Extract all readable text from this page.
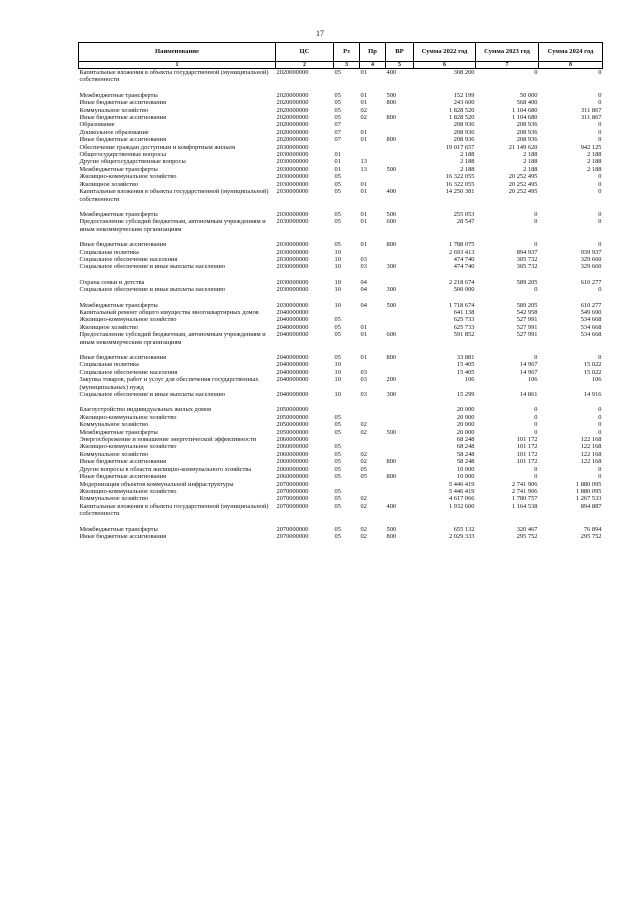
17
Наименование	ЦС	Рз	Пр	ВР	Сумма 2022 год	Сумма 2023 год	Сумма 2024 год
1	2	3	4	5	6	7	8
Капитальные вложения в объекты государственной (муниципальной) собственности	2020000000	05	01	400	308 200	0	0

Межбюджетные трансферты	2020000000	05	01	500	152 199	50 000	0
Иные бюджетные ассигнования	2020000000	05	01	800	243 600	568 400	0
Коммунальное хозяйство	2020000000	05	02		1 828 520	1 104 680	311 867
Иные бюджетные ассигнования	2020000000	05	02	800	1 828 520	1 104 680	311 867
Образование	2020000000	07			208 936	208 936	0
Дошкольное образование	2020000000	07	01		208 936	208 936	0
Иные бюджетные ассигнования	2020000000	07	01	800	208 936	208 936	0
Обеспечение граждан доступным и комфортным жильем	2030000000				19 017 657	21 149 620	942 125
Общегосударственные вопросы	2030000000	01			2 188	2 188	2 188
Другие общегосударственные вопросы	2030000000	01	13		2 188	2 188	2 188
Межбюджетные трансферты	2030000000	01	13	500	2 188	2 188	2 188
Жилищно-коммунальное хозяйство	2030000000	05			16 322 055	20 252 495	0
Жилищное хозяйство	2030000000	05	01		16 322 055	20 252 495	0
Капитальные вложения в объекты государственной (муниципальной) собственности	2030000000	05	01	400	14 250 381	20 252 495	0

Межбюджетные трансферты	2030000000	05	01	500	255 053	0	0
Предоставление субсидий бюджетным, автономным учреждениям и иным некоммерческим организациям	2030000000	05	01	600	28 547	0	0

Иные бюджетные ассигнования	2030000000	05	01	800	1 788 075	0	0
Социальная политика	2030000000	10			2 693 413	894 937	939 937
Социальное обеспечение населения	2030000000	10	03		474 740	305 732	329 660
Социальное обеспечение и иные выплаты населению	2030000000	10	03	300	474 740	305 732	329 660

Охрана семьи и детства	2030000000	10	04		2 218 674	589 205	610 277
Социальное обеспечение и иные выплаты населению	2030000000	10	04	300	500 000	0	0

Межбюджетные трансферты	2030000000	10	04	500	1 718 674	589 205	610 277
Капитальный ремонт общего имущества многоквартирных домов	2040000000				641 138	542 958	549 690
Жилищно-коммунальное хозяйство	2040000000	05			625 733	527 991	534 668
Жилищное хозяйство	2040000000	05	01		625 733	527 991	534 668
Предоставление субсидий бюджетным, автономным учреждениям и иным некоммерческим организациям	2040000000	05	01	600	591 852	527 991	534 668

Иные бюджетные ассигнования	2040000000	05	01	800	33 881	0	0
Социальная политика	2040000000	10			15 405	14 967	15 022
Социальное обеспечение населения	2040000000	10	03		15 405	14 967	15 022
Закупка товаров, работ и услуг для обеспечения государственных (муниципальных) нужд	2040000000	10	03	200	106	106	106
Социальное обеспечение и иные выплаты населению	2040000000	10	03	300	15 299	14 861	14 916

Благоустройство индивидуальных жилых домов	2050000000				20 000	0	0
Жилищно-коммунальное хозяйство	2050000000	05			20 000	0	0
Коммунальное хозяйство	2050000000	05	02		20 000	0	0
Межбюджетные трансферты	2050000000	05	02	500	20 000	0	0
Энергосбережение и повышение энергетической эффективности	2060000000				68 248	101 172	122 168
Жилищно-коммунальное хозяйство	2060000000	05			68 248	101 172	122 168
Коммунальное хозяйство	2060000000	05	02		58 248	101 172	122 168
Иные бюджетные ассигнования	2060000000	05	02	800	58 248	101 172	122 168
Другие вопросы в области жилищно-коммунального хозяйства	2060000000	05	05		10 000	0	0
Иные бюджетные ассигнования	2060000000	05	05	800	10 000	0	0
Модернизация объектов коммунальной инфраструктуры	2070000000				5 446 419	2 741 906	1 880 095
Жилищно-коммунальное хозяйство	2070000000	05			5 446 419	2 741 906	1 880 095
Коммунальное хозяйство	2070000000	05	02		4 617 066	1 780 757	1 267 533
Капитальные вложения в объекты государственной (муниципальной) собственности	2070000000	05	02	400	1 932 600	1 164 538	894 887

Межбюджетные трансферты	2070000000	05	02	500	655 132	320 467	76 894
Иные бюджетные ассигнования	2070000000	05	02	800	2 029 333	295 752	295 752
